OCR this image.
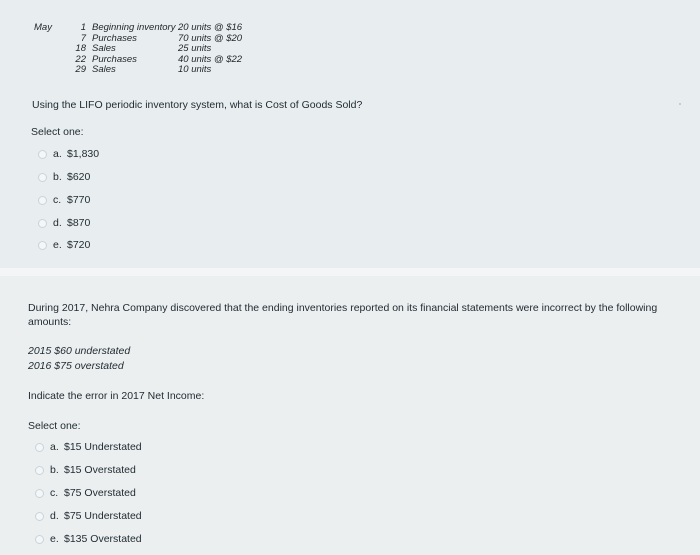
May	1 Beginning inventory 20 units @ $16
7 Purchases	70 units @ $20
18 Sales	25 units
22 Purchases	40 units @ $22
29 Sales	10 units
Using the LIFO periodic inventory system, what is Cost of Goods Sold?
Select one:
a. $1,830
b. $620
c. $770
d. $870
e. $720
During 2017, Nehra Company discovered that the ending inventories reported on its financial statements were incorrect by the following amounts:
2015 $60 understated
2016 $75 overstated
Indicate the error in 2017 Net Income:
Select one:
a. $15 Understated
b. $15 Overstated
c. $75 Overstated
d. $75 Understated
e. $135 Overstated
